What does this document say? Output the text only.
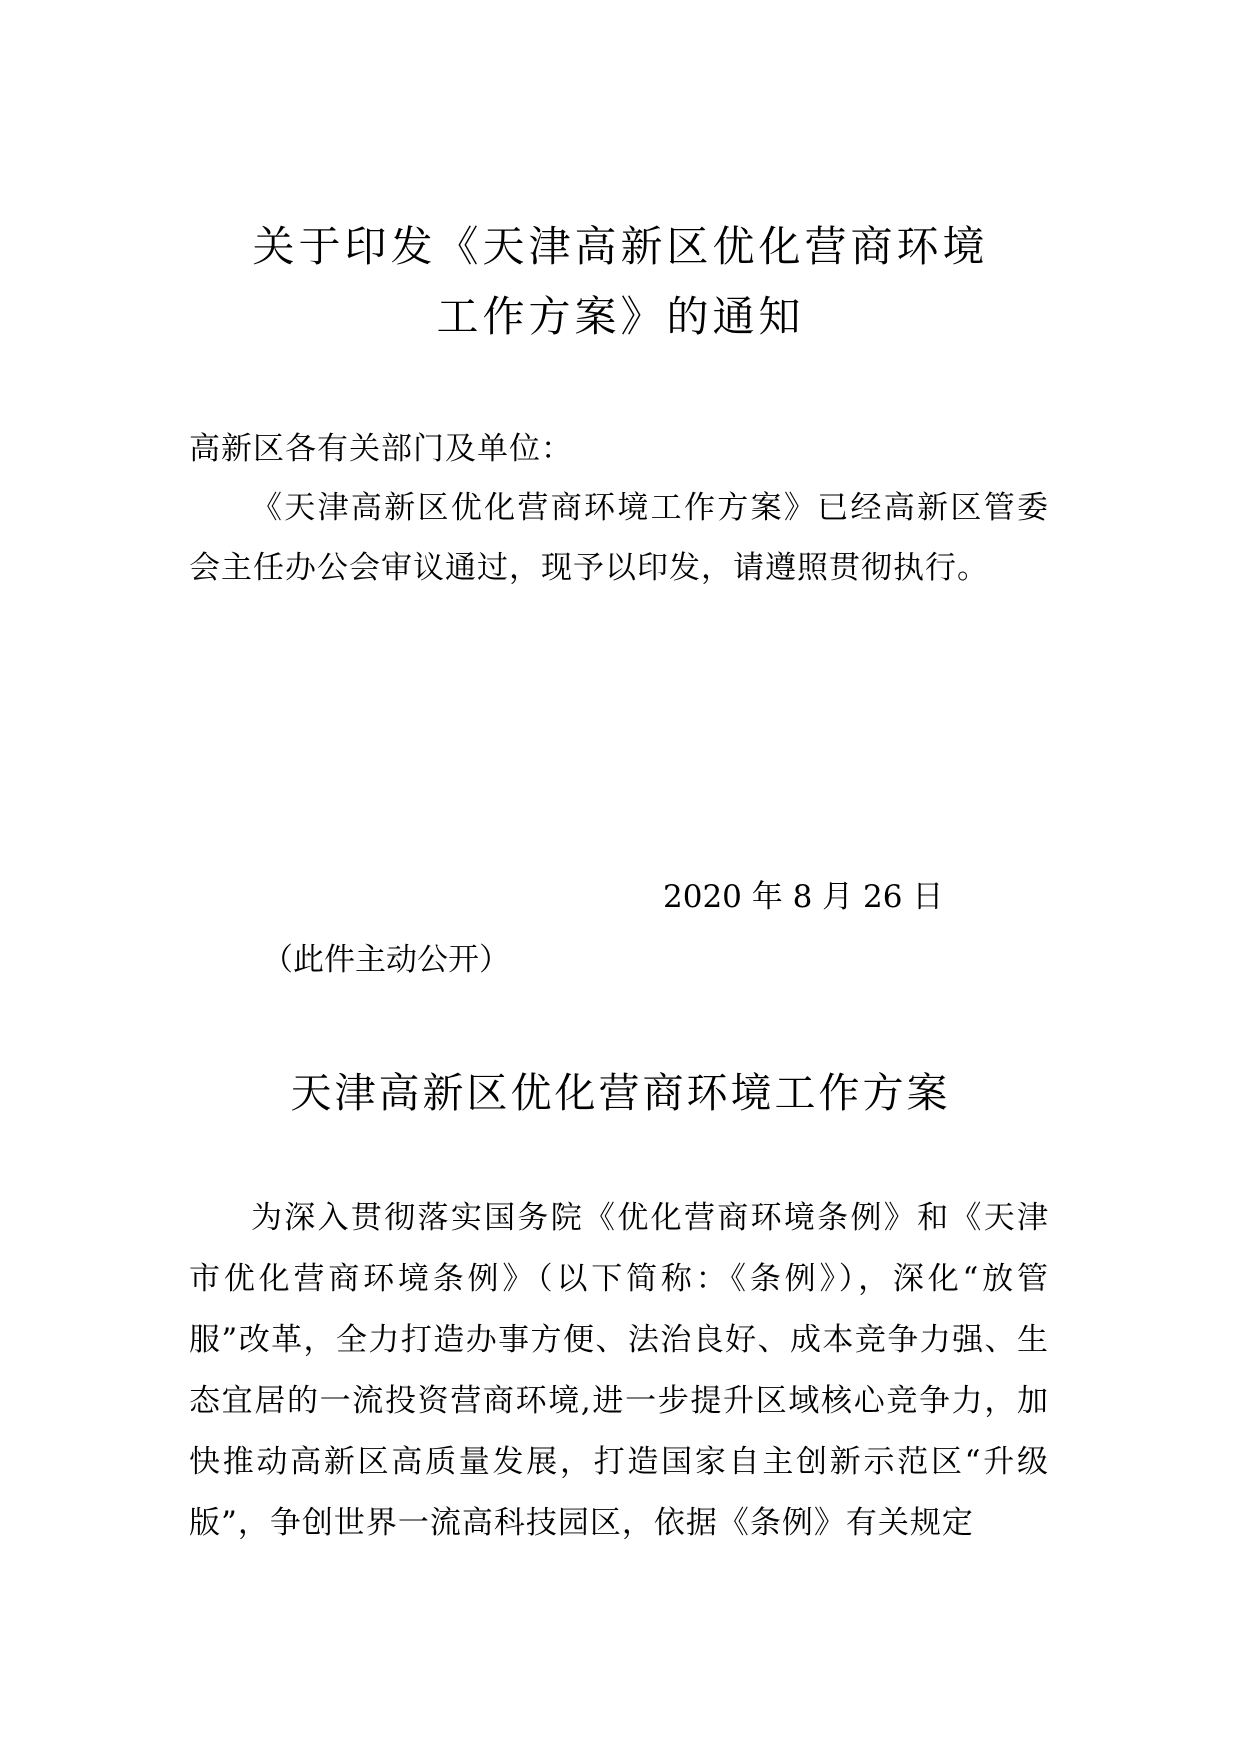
关于印发《天津高新区优化营商环境
工作方案》的通知

高新区各有关部门及单位：

《天津高新区优化营商环境工作方案》已经高新区管委会主任办公会审议通过，现予以印发，请遵照贯彻执行。

2020 年 8 月 26 日

（此件主动公开）

天津高新区优化营商环境工作方案

为深入贯彻落实国务院《优化营商环境条例》和《天津市优化营商环境条例》（以下简称：《条例》），深化“放管服”改革，全力打造办事方便、法治良好、成本竞争力强、生态宜居的一流投资营商环境,进一步提升区域核心竞争力，加快推动高新区高质量发展，打造国家自主创新示范区“升级版”，争创世界一流高科技园区，依据《条例》有关规定
